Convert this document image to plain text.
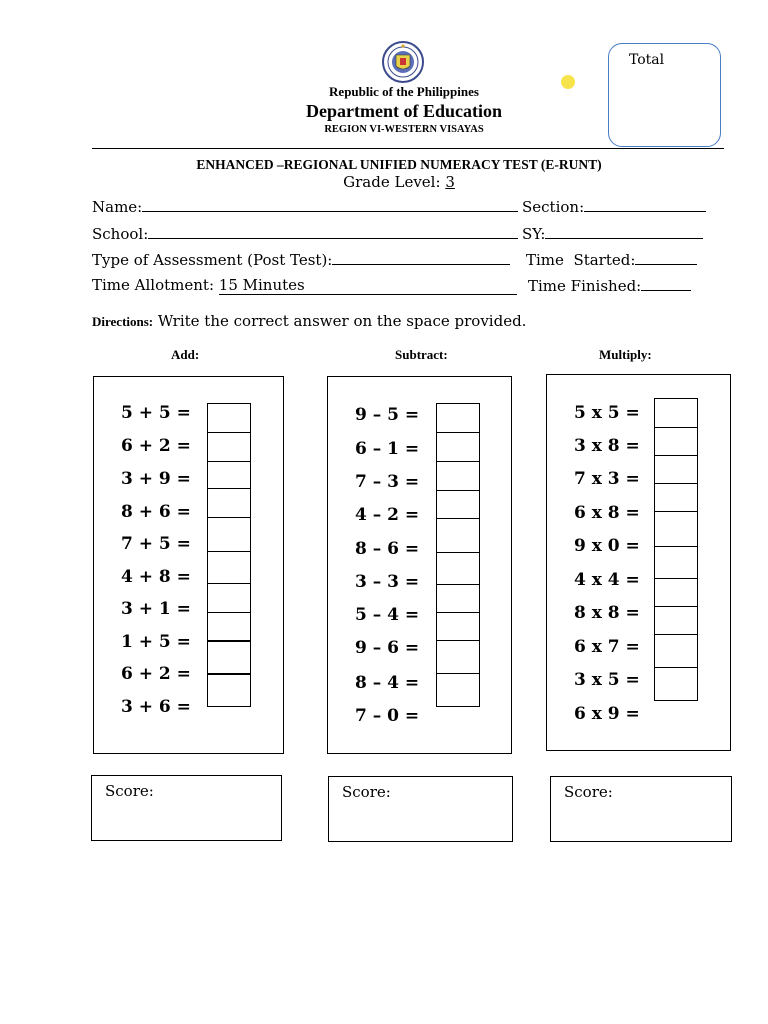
Republic of the Philippines
Department of Education
REGION VI-WESTERN VISAYAS
Total
ENHANCED –REGIONAL UNIFIED NUMERACY TEST (E-RUNT)
Grade Level: 3
Name:	Section:
School:	SY:
Type of Assessment (Post Test):	Time  Started:
Time Allotment: 15 Minutes	Time Finished:
Directions: Write the correct answer on the space provided.
Add:	Subtract:	Multiply:
5 + 5 =
6 + 2 =
3 + 9 =
8 + 6 =
7 + 5 =
4 + 8 =
3 + 1 =
1 + 5 =
6 + 2 =
3 + 6 =
9 – 5 =
6 – 1 =
7 – 3 =
4 – 2 =
8 – 6 =
3 – 3 =
5 – 4 =
9 – 6 =
8 – 4 =
7 – 0 =
5 x 5 =
3 x 8 =
7 x 3 =
6 x 8 =
9 x 0 =
4 x 4 =
8 x 8 =
6 x 7 =
3 x 5 =
6 x 9 =
Score:	Score:	Score:
